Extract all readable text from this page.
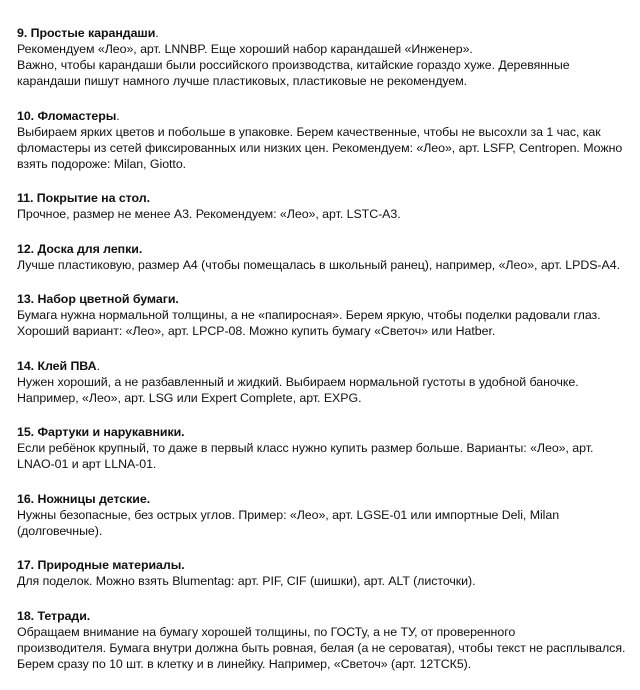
9. Простые карандаши.

Рекомендуем «Лео», арт. LNNBP. Еще хороший набор карандашей «Инженер».

Важно, чтобы карандаши были российского производства, китайские гораздо хуже. Деревянные

карандаши пишут намного лучше пластиковых, пластиковые не рекомендуем.

10. Фломастеры.

Выбираем ярких цветов и побольше в упаковке. Берем качественные, чтобы не высохли за 1 час, как

фломастеры из сетей фиксированных или низких цен. Рекомендуем: «Лео», арт. LSFP, Centropen. Можно

взять подороже: Milan, Giotto.

11. Покрытие на стол.

Прочное, размер не менее А3. Рекомендуем: «Лео», арт. LSTC-A3.

12. Доска для лепки.

Лучше пластиковую, размер А4 (чтобы помещалась в школьный ранец), например, «Лео», арт. LPDS-A4.

13. Набор цветной бумаги.

Бумага нужна нормальной толщины, а не «папиросная». Берем яркую, чтобы поделки радовали глаз.

Хороший вариант: «Лео», арт. LPCP-08. Можно купить бумагу «Светоч» или Hatber.

14. Клей ПВА.

Нужен хороший, а не разбавленный и жидкий. Выбираем нормальной густоты в удобной баночке.

Например, «Лео», арт. LSG или Expert Complete, арт. EXPG.

15. Фартуки и нарукавники.

Если ребёнок крупный, то даже в первый класс нужно купить размер больше. Варианты: «Лео», арт.

LNAO-01 и арт LLNA-01.

16. Ножницы детские.

Нужны безопасные, без острых углов. Пример: «Лео», арт. LGSE-01 или импортные Deli, Milan

(долговечные).

17. Природные материалы.

Для поделок. Можно взять Blumentag: арт. PIF, CIF (шишки), арт. ALT (листочки).

18. Тетради.

Обращаем внимание на бумагу хорошей толщины, по ГОСТу, а не ТУ, от проверенного

производителя. Бумага внутри должна быть ровная, белая (а не сероватая), чтобы текст не расплывался.

Берем сразу по 10 шт. в клетку и в линейку. Например, «Светоч» (арт. 12ТСК5).
